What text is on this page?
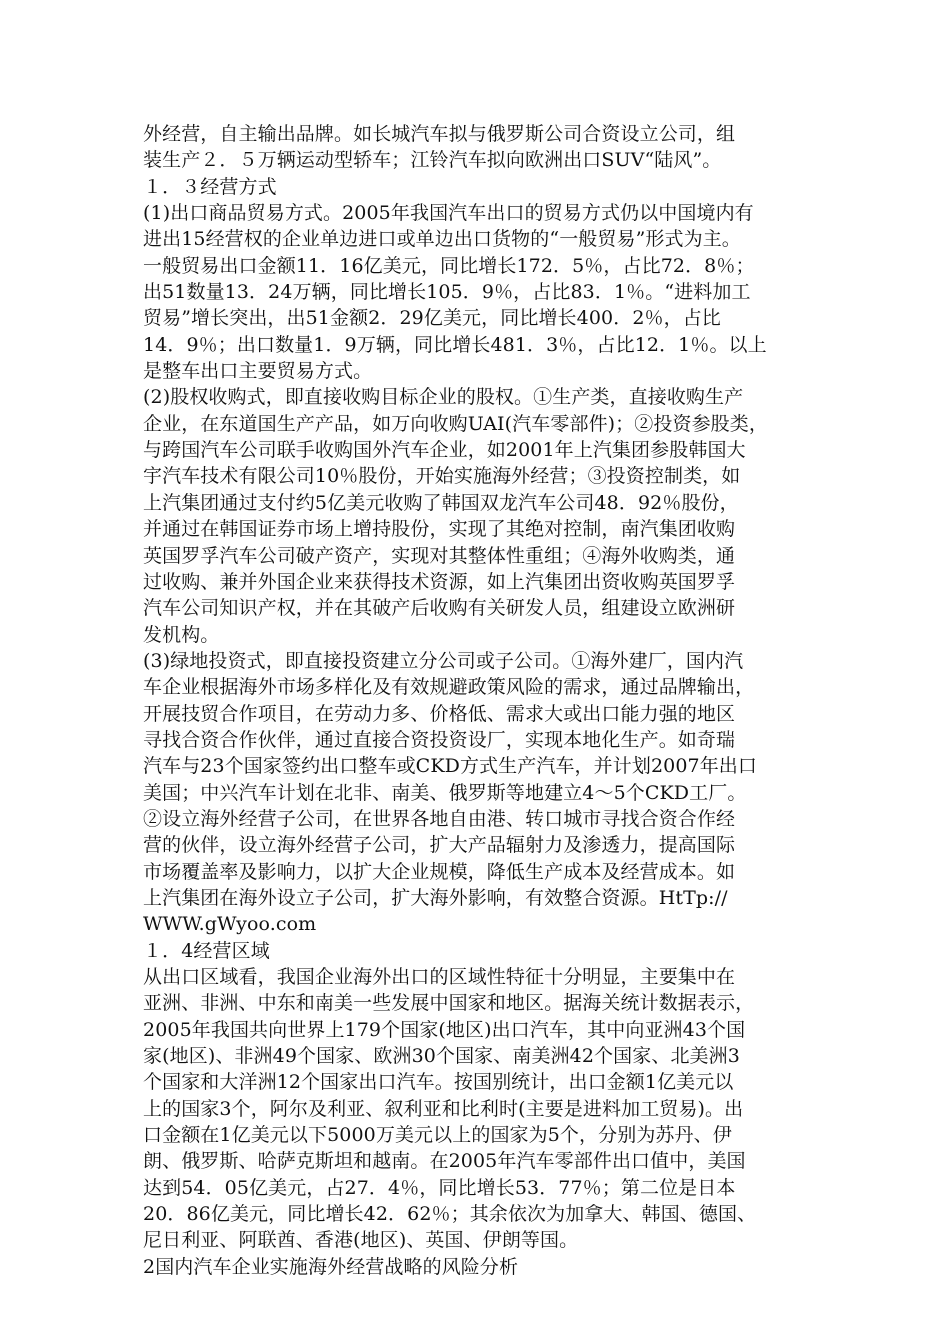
外经营，自主输出品牌。如长城汽车拟与俄罗斯公司合资设立公司，组
装生产２．５万辆运动型轿车；江铃汽车拟向欧洲出口SUV“陆风”。
１．３经营方式
(1)出口商品贸易方式。2005年我国汽车出口的贸易方式仍以中国境内有
进出15经营权的企业单边进口或单边出口货物的“一般贸易”形式为主。
一般贸易出口金额11．16亿美元，同比增长172．5％，占比72．8％；
出51数量13．24万辆，同比增长105．9％，占比83．1％。“进料加工
贸易”增长突出，出51金额2．29亿美元，同比增长400．2％，占比
14．9％；出口数量1．9万辆，同比增长481．3％，占比12．1％。以上
是整车出口主要贸易方式。
(2)股权收购式，即直接收购目标企业的股权。①生产类，直接收购生产
企业，在东道国生产产品，如万向收购UAI(汽车零部件)；②投资参股类，
与跨国汽车公司联手收购国外汽车企业，如2001年上汽集团参股韩国大
宇汽车技术有限公司10％股份，开始实施海外经营；③投资控制类，如
上汽集团通过支付约5亿美元收购了韩国双龙汽车公司48．92％股份，
并通过在韩国证券市场上增持股份，实现了其绝对控制，南汽集团收购
英国罗孚汽车公司破产资产，实现对其整体性重组；④海外收购类，通
过收购、兼并外国企业来获得技术资源，如上汽集团出资收购英国罗孚
汽车公司知识产权，并在其破产后收购有关研发人员，组建设立欧洲研
发机构。
(3)绿地投资式，即直接投资建立分公司或子公司。①海外建厂，国内汽
车企业根据海外市场多样化及有效规避政策风险的需求，通过品牌输出，
开展技贸合作项目，在劳动力多、价格低、需求大或出口能力强的地区
寻找合资合作伙伴，通过直接合资投资设厂，实现本地化生产。如奇瑞
汽车与23个国家签约出口整车或CKD方式生产汽车，并计划2007年出口
美国；中兴汽车计划在北非、南美、俄罗斯等地建立4～5个CKD工厂。
②设立海外经营子公司，在世界各地自由港、转口城市寻找合资合作经
营的伙伴，设立海外经营子公司，扩大产品辐射力及渗透力，提高国际
市场覆盖率及影响力，以扩大企业规模，降低生产成本及经营成本。如
上汽集团在海外设立子公司，扩大海外影响，有效整合资源。HtTp://
WWW.gWyoo.com
１．4经营区域
从出口区域看，我国企业海外出口的区域性特征十分明显，主要集中在
亚洲、非洲、中东和南美一些发展中国家和地区。据海关统计数据表示，
2005年我国共向世界上179个国家(地区)出口汽车，其中向亚洲43个国
家(地区)、非洲49个国家、欧洲30个国家、南美洲42个国家、北美洲3
个国家和大洋洲12个国家出口汽车。按国别统计，出口金额1亿美元以
上的国家3个，阿尔及利亚、叙利亚和比利时(主要是进料加工贸易)。出
口金额在1亿美元以下5000万美元以上的国家为5个，分别为苏丹、伊
朗、俄罗斯、哈萨克斯坦和越南。在2005年汽车零部件出口值中，美国
达到54．05亿美元，占27．4％，同比增长53．77％；第二位是日本
20．86亿美元，同比增长42．62％；其余依次为加拿大、韩国、德国、
尼日利亚、阿联酋、香港(地区)、英国、伊朗等国。
2国内汽车企业实施海外经营战略的风险分析
